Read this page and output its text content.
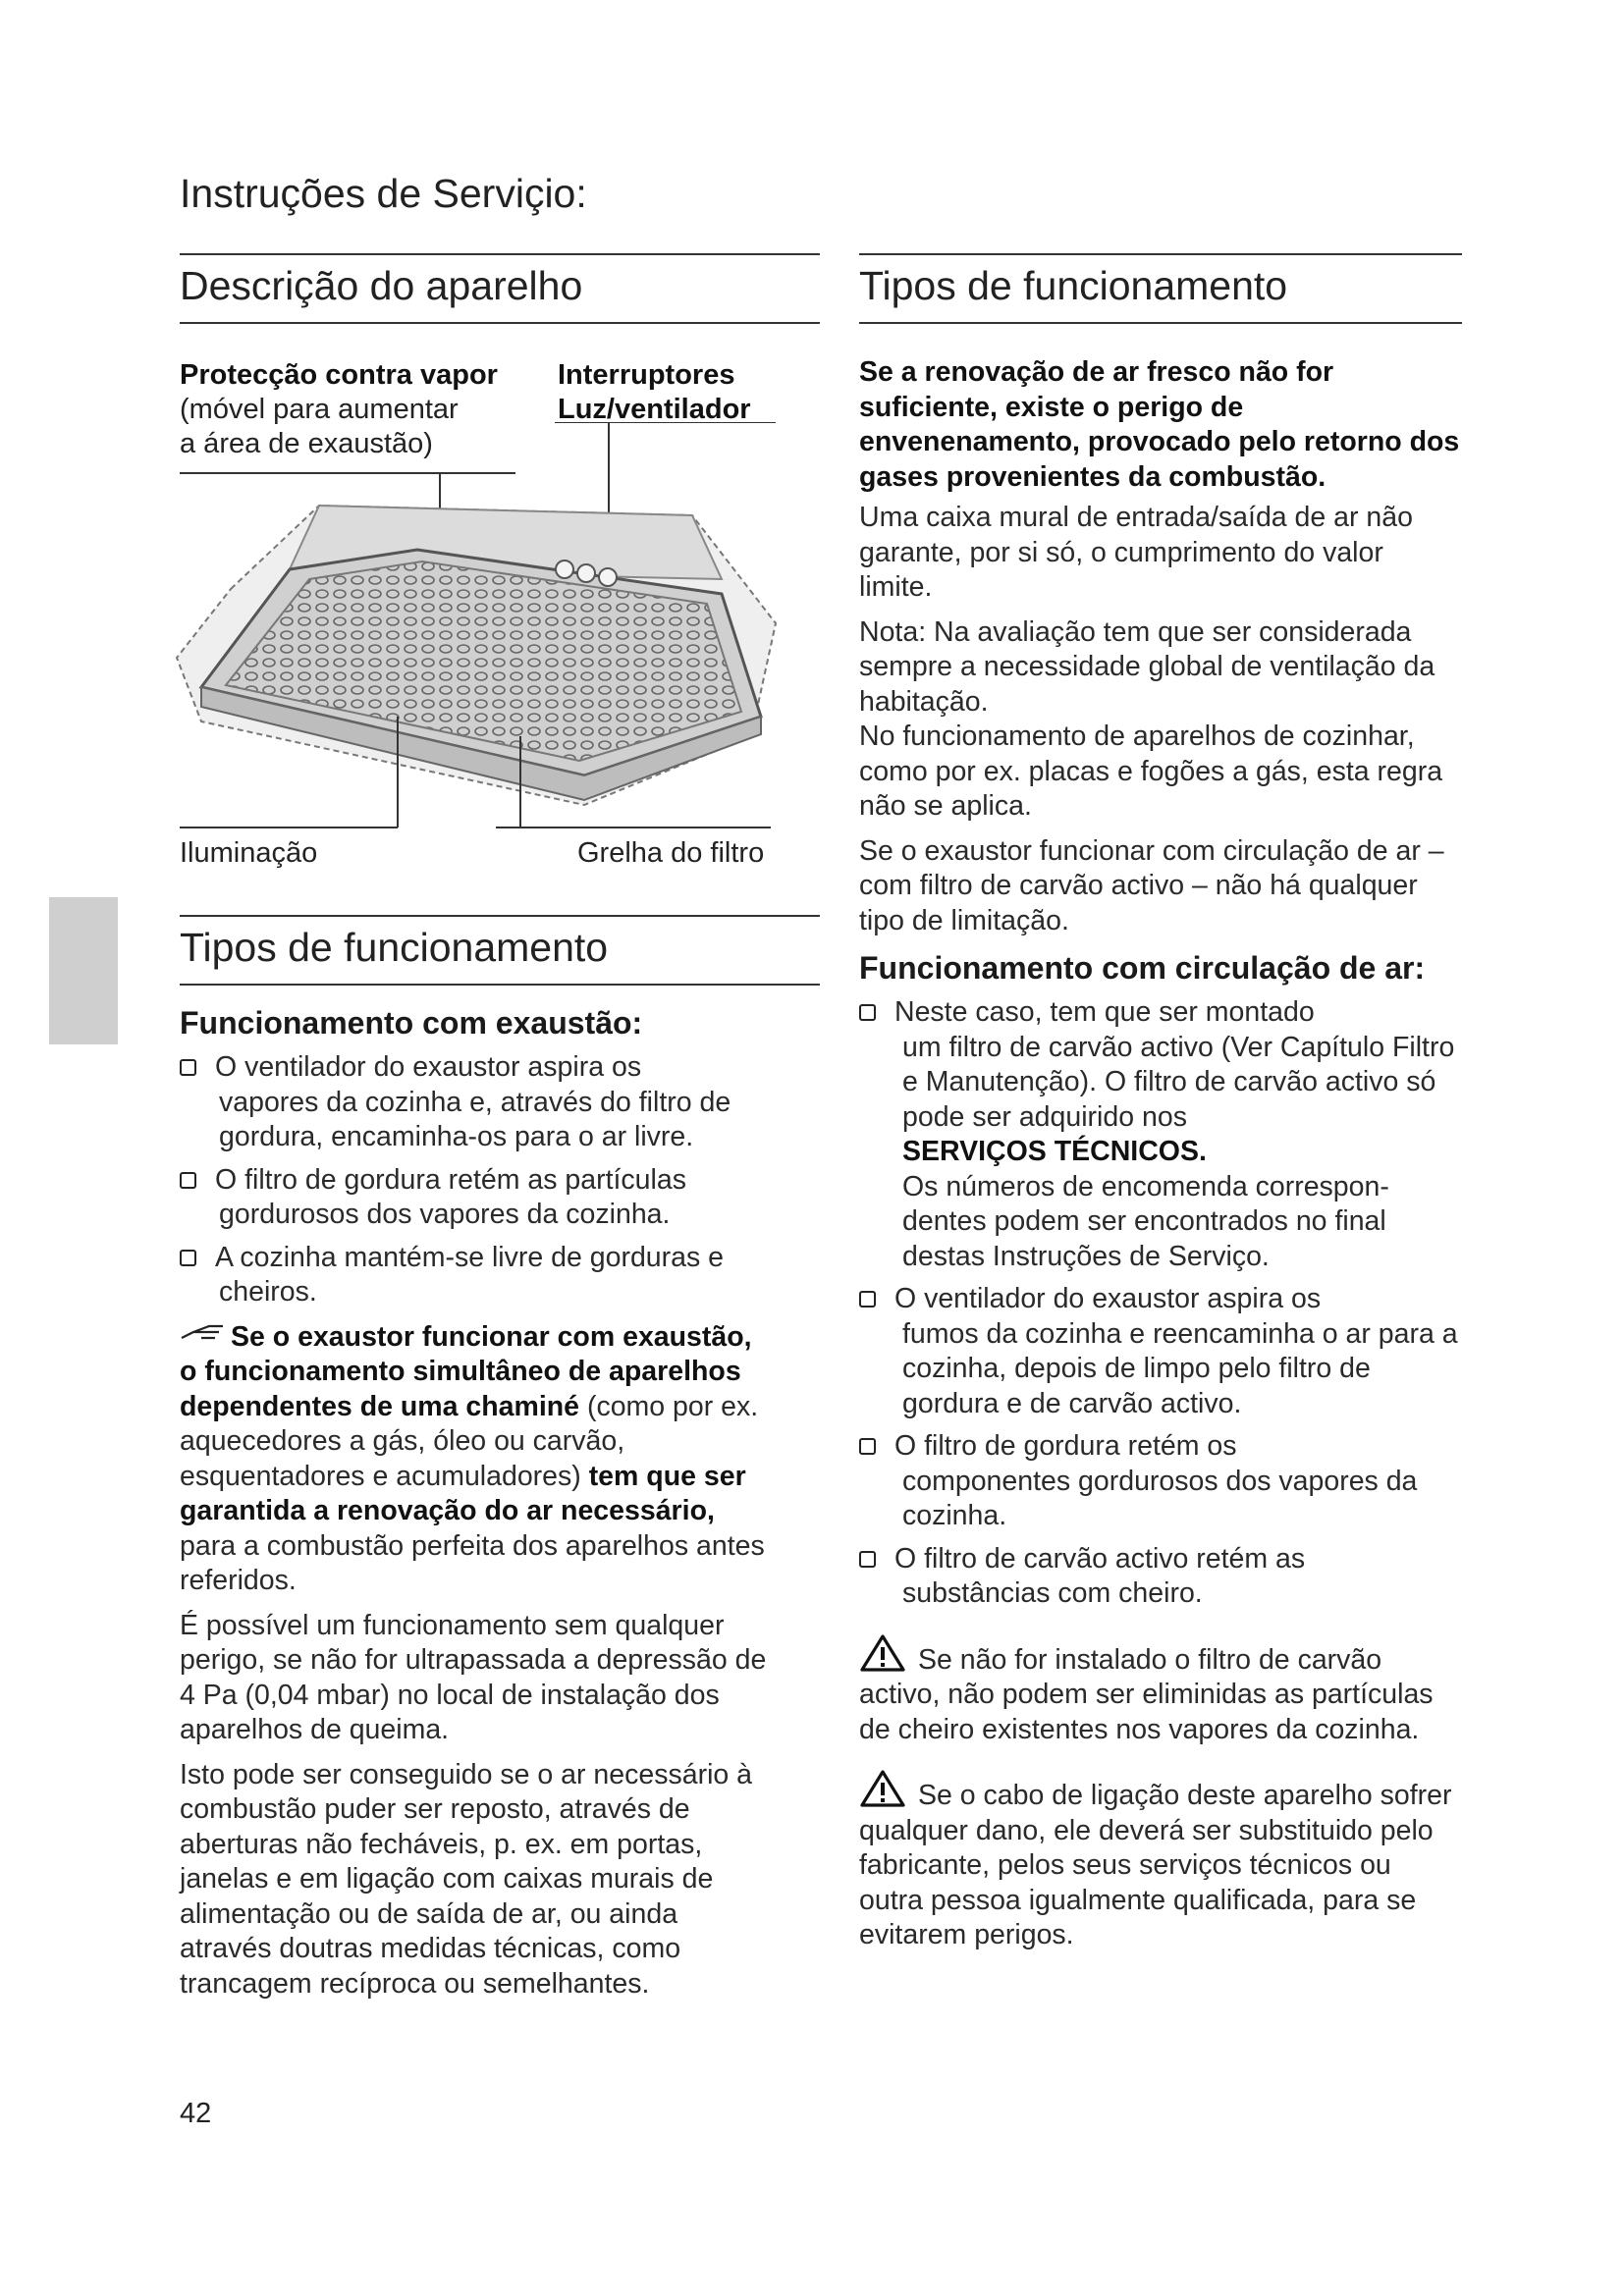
Instruções de Serviçio:
Descrição do aparelho	Tipos de funcionamento
Protecção contra vapor
(móvel para aumentar
a área de exaustão)
Interruptores
Luz/ventilador
Iluminação	Grelha do filtro
Tipos de funcionamento
Funcionamento com exaustão:
O ventilador do exaustor aspira os
vapores da cozinha e, através do filtro de gordura, encaminha-os para o ar livre.
O filtro de gordura retém as partículas
gordurosos dos vapores da cozinha.
A cozinha mantém-se livre de gorduras e
cheiros.

Se o exaustor funcionar com exaustão, o funcionamento simultâneo de aparelhos dependentes de uma chaminé (como por ex. aquecedores a gás, óleo ou carvão, esquentadores e acumuladores) tem que ser garantida a renovação do ar necessário, para a combustão perfeita dos aparelhos antes referidos.

É possível um funcionamento sem qualquer perigo, se não for ultrapassada a depressão de 4 Pa (0,04 mbar) no local de instalação dos aparelhos de queima.

Isto pode ser conseguido se o ar necessário à combustão puder ser reposto, através de aberturas não fecháveis, p. ex. em portas, janelas e em ligação com caixas murais de alimentação ou de saída de ar, ou ainda através doutras medidas técnicas, como trancagem recíproca ou semelhantes.

Se a renovação de ar fresco não for suficiente, existe o perigo de envenenamento, provocado pelo retorno dos gases provenientes da combustão.

Uma caixa mural de entrada/saída de ar não garante, por si só, o cumprimento do valor limite.

Nota: Na avaliação tem que ser considerada sempre a necessidade global de ventilação da habitação.

No funcionamento de aparelhos de cozinhar, como por ex. placas e fogões a gás, esta regra não se aplica.

Se o exaustor funcionar com circulação de ar – com filtro de carvão activo – não há qualquer tipo de limitação.

Funcionamento com circulação de ar:
Neste caso, tem que ser montado
um filtro de carvão activo (Ver Capítulo Filtro e Manutenção). O filtro de carvão activo só pode ser adquirido nos
SERVIÇOS TÉCNICOS.
Os números de encomenda correspon-dentes podem ser encontrados no final destas Instruções de Serviço.
O ventilador do exaustor aspira os
fumos da cozinha e reencaminha o ar para a cozinha, depois de limpo pelo filtro de gordura e de carvão activo.
O filtro de gordura retém os
componentes gordurosos dos vapores da cozinha.
O filtro de carvão activo retém as
substâncias com cheiro.

Se não for instalado o filtro de carvão activo, não podem ser eliminidas as partículas de cheiro existentes nos vapores da cozinha.

Se o cabo de ligação deste aparelho sofrer qualquer dano, ele deverá ser substituido pelo fabricante, pelos seus serviços técnicos ou outra pessoa igualmente qualificada, para se evitarem perigos.

42
